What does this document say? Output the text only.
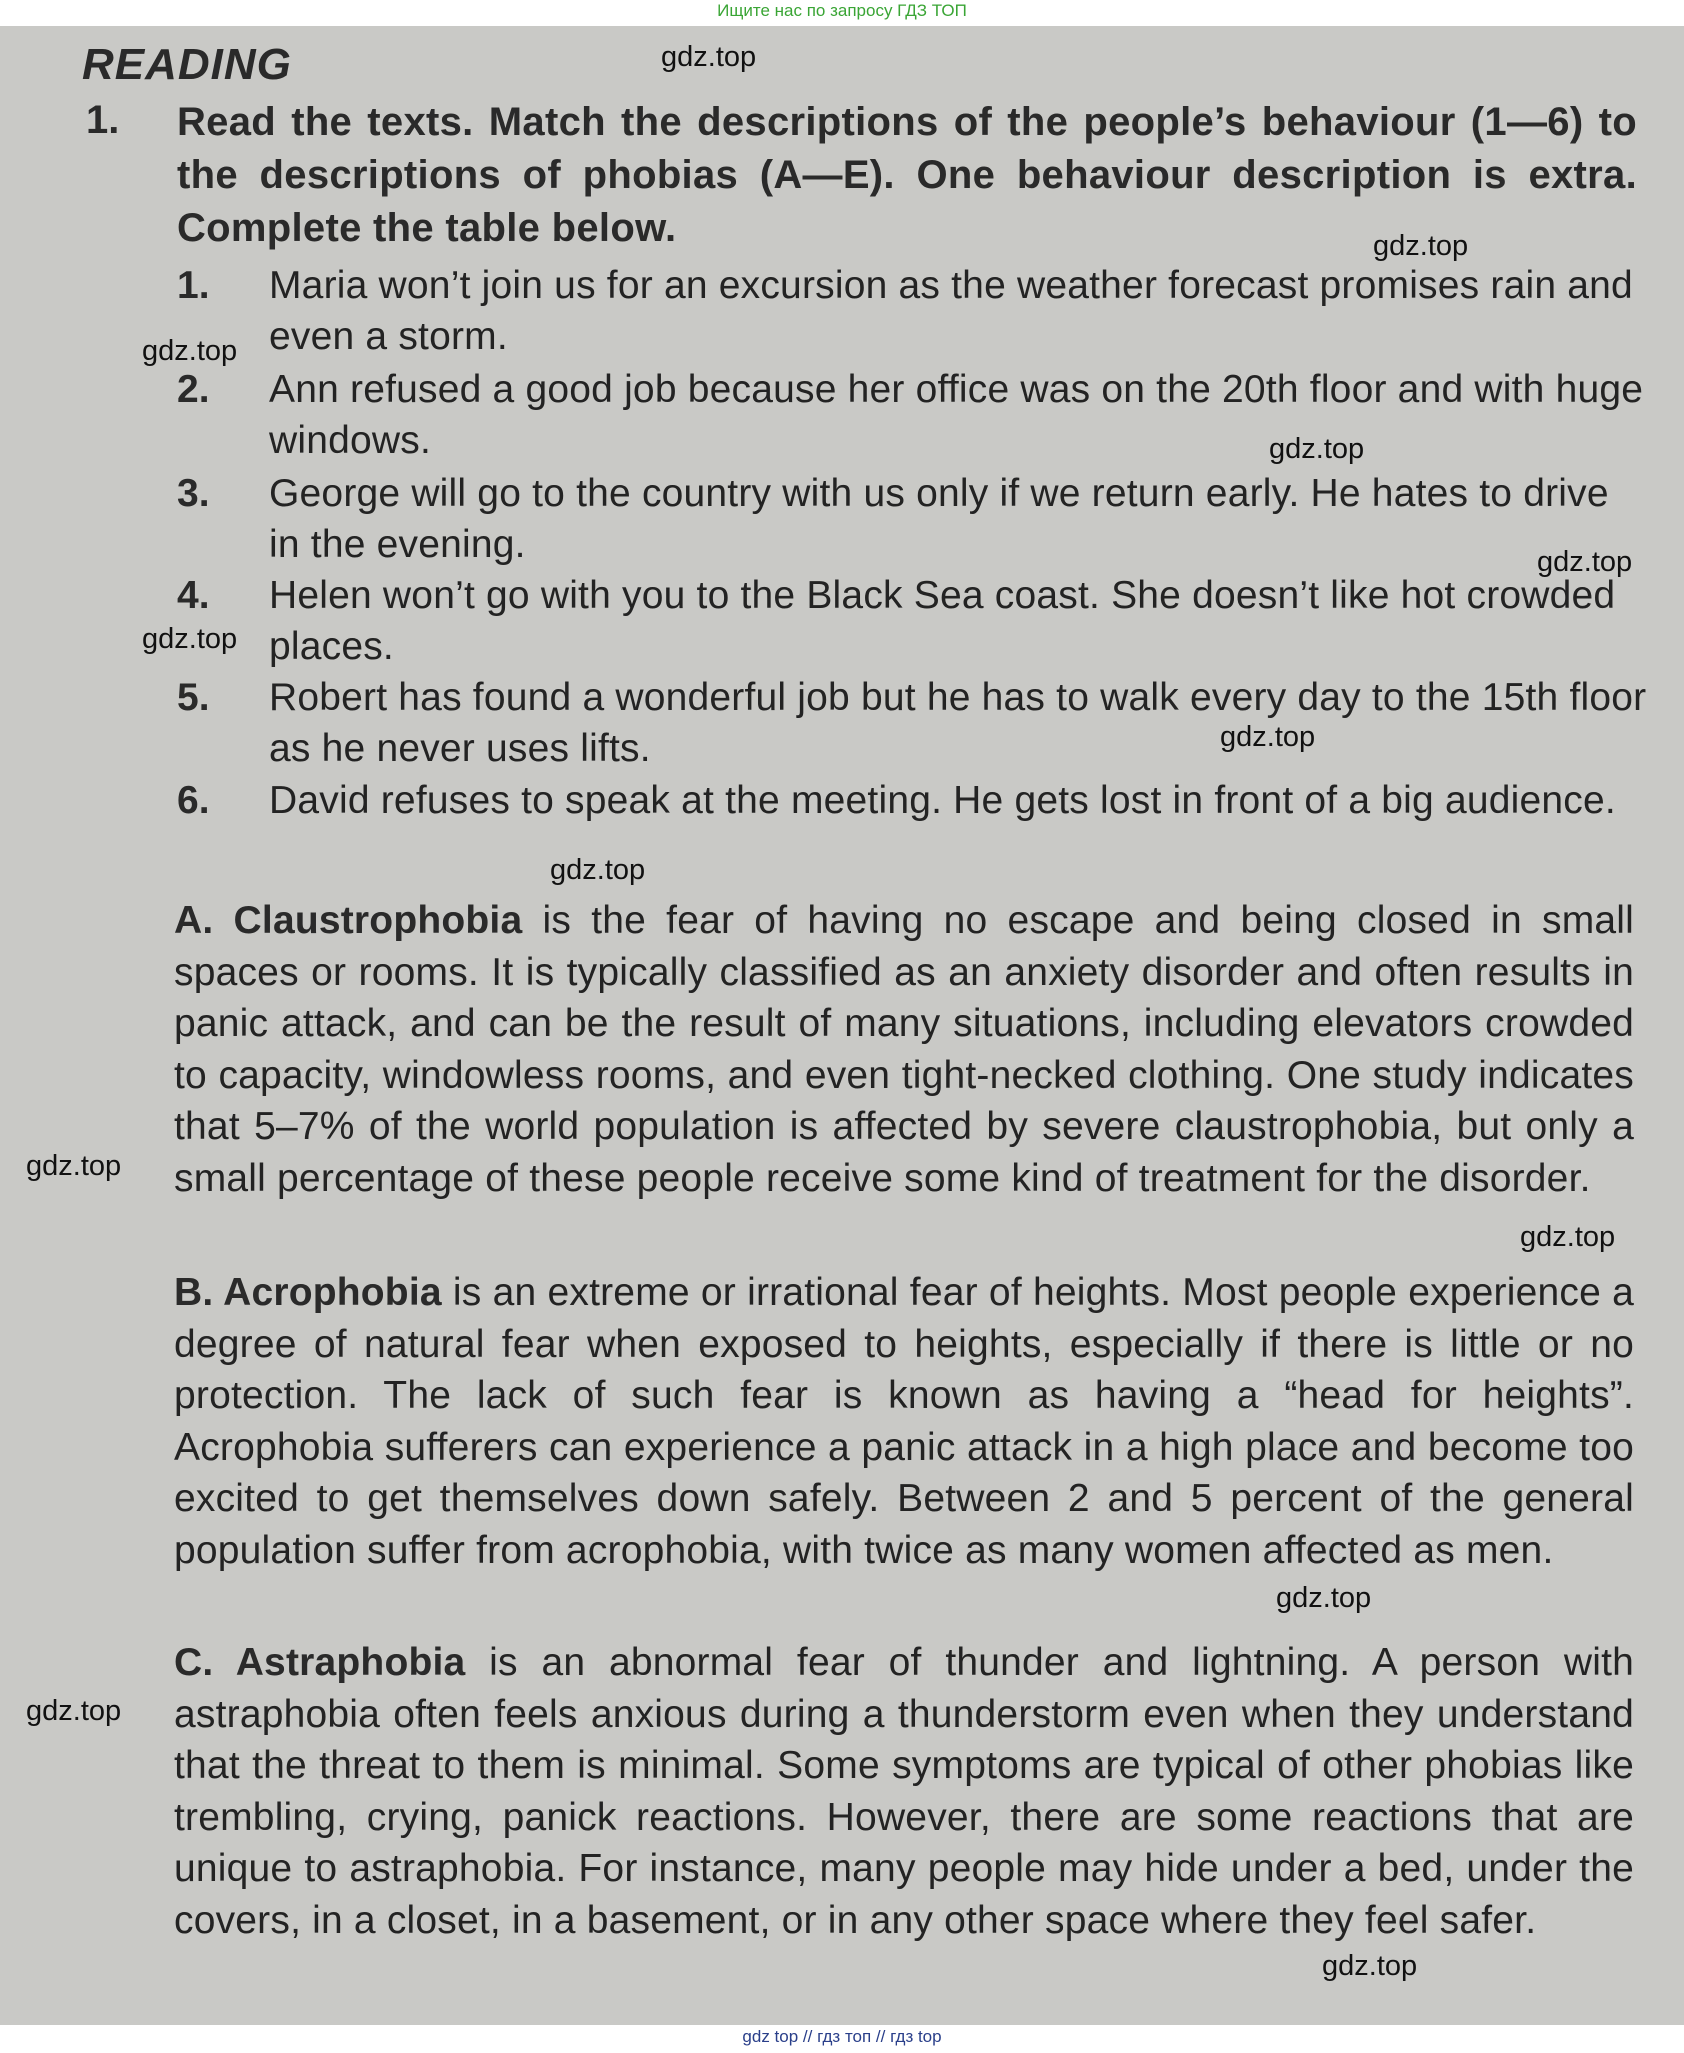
Ищите нас по запросу ГДЗ ТОП
READING
1. Read the texts. Match the descriptions of the people’s behaviour (1—6) to the descriptions of phobias (A—E). One behaviour description is extra. Complete the table below.

1. Maria won’t join us for an excursion as the weather forecast promises rain and even a storm.
2. Ann refused a good job because her office was on the 20th floor and with huge windows.
3. George will go to the country with us only if we return early. He hates to drive in the evening.
4. Helen won’t go with you to the Black Sea coast. She doesn’t like hot crowded places.
5. Robert has found a wonderful job but he has to walk every day to the 15th floor as he never uses lifts.
6. David refuses to speak at the meeting. He gets lost in front of a big audience.

A. Claustrophobia is the fear of having no escape and being closed in small spaces or rooms. It is typically classified as an anxiety disorder and often results in panic attack, and can be the result of many situations, including elevators crowded to capacity, windowless rooms, and even tight-necked clothing. One study indicates that 5–7% of the world population is affected by severe claustrophobia, but only a small percentage of these people receive some kind of treatment for the disorder.

B. Acrophobia is an extreme or irrational fear of heights. Most people experience a degree of natural fear when exposed to heights, especially if there is little or no protection. The lack of such fear is known as having a “head for heights”. Acrophobia sufferers can experience a panic attack in a high place and become too excited to get themselves down safely. Between 2 and 5 percent of the general population suffer from acrophobia, with twice as many women affected as men.

C. Astraphobia is an abnormal fear of thunder and lightning. A person with astraphobia often feels anxious during a thunderstorm even when they understand that the threat to them is minimal. Some symptoms are typical of other phobias like trembling, crying, panick reactions. However, there are some reactions that are unique to astraphobia. For instance, many people may hide under a bed, under the covers, in a closet, in a basement, or in any other space where they feel safer.

gdz.top
gdz.top
gdz.top
gdz.top
gdz.top
gdz.top
gdz.top
gdz.top
gdz.top
gdz.top
gdz.top
gdz.top
gdz.top
gdz top // гдз топ // гдз top
